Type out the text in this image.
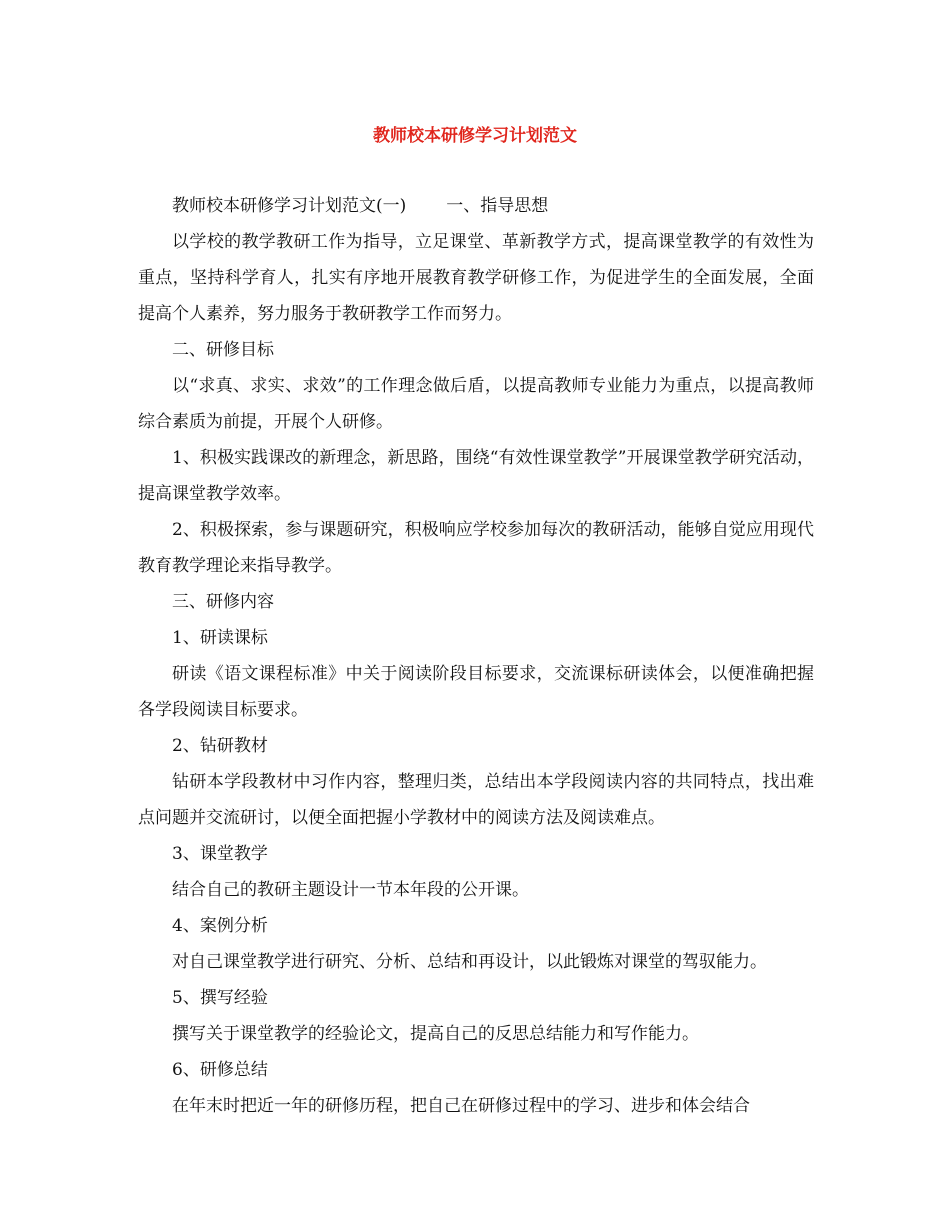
教师校本研修学习计划范文

教师校本研修学习计划范文(一) 一、指导思想

以学校的教学教研工作为指导，立足课堂、革新教学方式，提高课堂教学的有效性为重点，坚持科学育人，扎实有序地开展教育教学研修工作，为促进学生的全面发展，全面提高个人素养，努力服务于教研教学工作而努力。

二、研修目标

以“求真、求实、求效”的工作理念做后盾，以提高教师专业能力为重点，以提高教师综合素质为前提，开展个人研修。

1、积极实践课改的新理念，新思路，围绕“有效性课堂教学”开展课堂教学研究活动，提高课堂教学效率。

2、积极探索，参与课题研究，积极响应学校参加每次的教研活动，能够自觉应用现代教育教学理论来指导教学。

三、研修内容

1、研读课标

研读《语文课程标准》中关于阅读阶段目标要求，交流课标研读体会，以便准确把握各学段阅读目标要求。

2、钻研教材

钻研本学段教材中习作内容，整理归类，总结出本学段阅读内容的共同特点，找出难点问题并交流研讨，以便全面把握小学教材中的阅读方法及阅读难点。

3、课堂教学

结合自己的教研主题设计一节本年段的公开课。

4、案例分析

对自己课堂教学进行研究、分析、总结和再设计，以此锻炼对课堂的驾驭能力。

5、撰写经验

撰写关于课堂教学的经验论文，提高自己的反思总结能力和写作能力。

6、研修总结

在年末时把近一年的研修历程，把自己在研修过程中的学习、进步和体会结合
